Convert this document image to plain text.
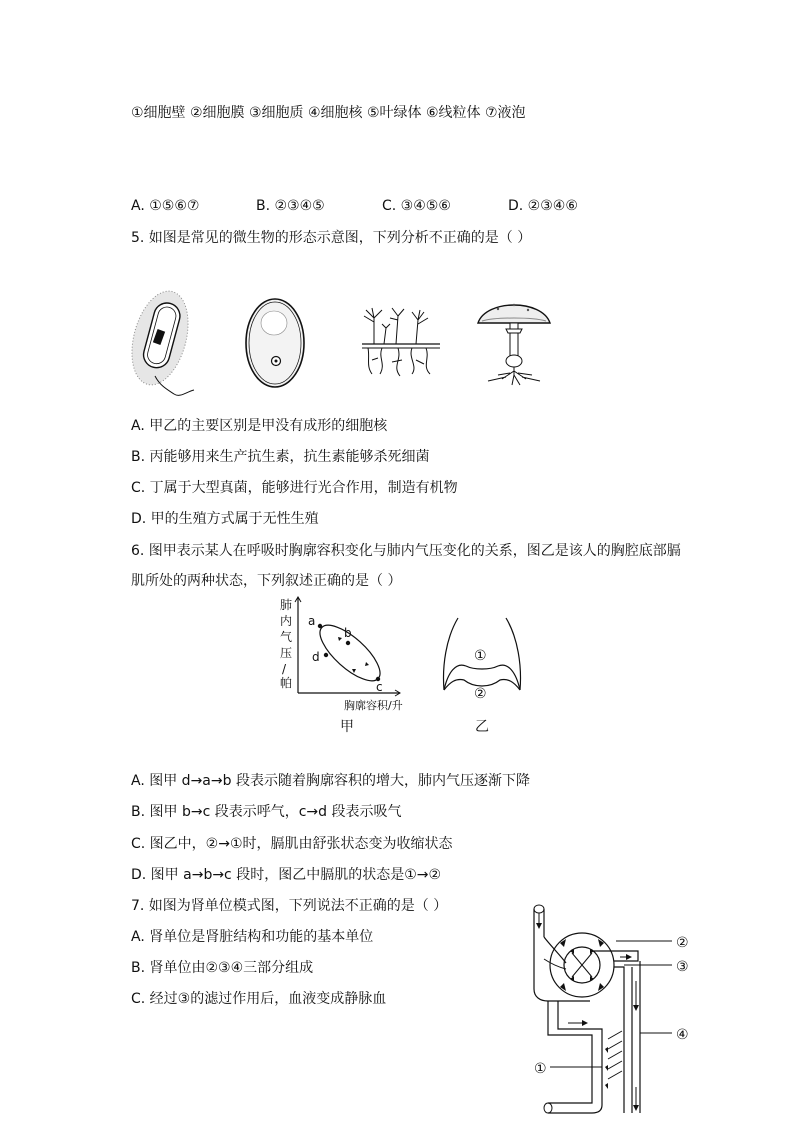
①细胞壁 ②细胞膜 ③细胞质 ④细胞核 ⑤叶绿体 ⑥线粒体 ⑦液泡
A. ①⑤⑥⑦	B. ②③④⑤	C. ③④⑤⑥	D. ②③④⑥
5. 如图是常见的微生物的形态示意图，下列分析不正确的是（ ）
A. 甲乙的主要区别是甲没有成形的细胞核
B. 丙能够用来生产抗生素，抗生素能够杀死细菌
C. 丁属于大型真菌，能够进行光合作用，制造有机物
D. 甲的生殖方式属于无性生殖
6. 图甲表示某人在呼吸时胸廓容积变化与肺内气压变化的关系，图乙是该人的胸腔底部膈
肌所处的两种状态，下列叙述正确的是（ ）
肺
内
气
压
/
帕
a
b
c
d
胸廓容积/升
甲
①
②
乙
A. 图甲 d→a→b 段表示随着胸廓容积的增大，肺内气压逐渐下降
B. 图甲 b→c 段表示呼气，c→d 段表示吸气
C. 图乙中，②→①时，膈肌由舒张状态变为收缩状态
D. 图甲 a→b→c 段时，图乙中膈肌的状态是①→②
7. 如图为肾单位模式图，下列说法不正确的是（ ）
A. 肾单位是肾脏结构和功能的基本单位
B. 肾单位由②③④三部分组成
C. 经过③的滤过作用后，血液变成静脉血
①
②
③
④
